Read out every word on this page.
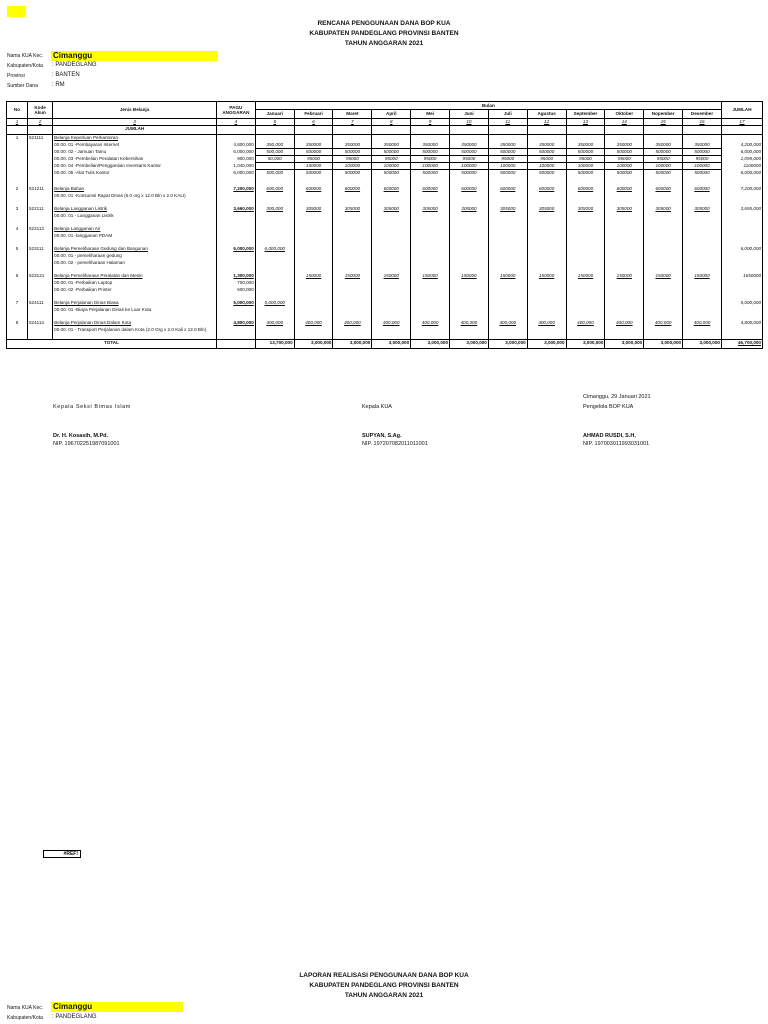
RENCANA PENGGUNAAN DANA BOP KUA
KABUPATEN PANDEGLANG PROVINSI BANTEN
TAHUN ANGGARAN 2021
Nama KUA Kec. Cimanggu
Kabupaten/Kota : PANDEGLANG
Provinsi	: BANTEN
Sumber Dana : RM
No	Kode Akun	Jenis Belanja	PAGU ANGGARAN	Bulan												JUMLAH
				Januari	Februari	Maret	April	Mei	Juni	Juli	Agustus	September	Oktober	Nopember	Desember	
1	2	3	4	5	6	7	8	9	10	11	12	13	14	15	16	17
		JUMLAH														
1	521111	Belanja Keperluan Perkantoran														
		00.00. 01 -Pembayaran Internet	4,800,000	350,000	350000	350000	350000	350000	350000	350000	350000	350000	350000	350000	350000	4,200,000
		00.00. 02 - Jamuan Tamu	6,000,000	500,000	500000	500000	500000	500000	500000	500000	500000	500000	500000	500000	500000	6,000,000
		00.00. 03 -Pembelian Peralatan Kebersihan	900,000	50,000	95000	95000	95000	95000	95000	95000	95000	95000	95000	95000	95000	1,095,000
		00.00. 04 -Pembelian/Penggantian Inventaris Kantor	1,040,000		100000	100000	100000	100000	100000	100000	100000	100000	100000	100000	100000	1100000
		00.00. 05 -Alat Tulis Kantor	6,000,000	500,000	500000	500000	500000	500000	500000	500000	500000	500000	500000	500000	500000	6,000,000

2	521211	Belanja Bahan	7,200,000	600,000	600000	600000	600000	600000	600000	600000	600000	600000	600000	600000	600000	7,200,000
		00.00. 01 -Konsumsi Rapat Dinas (6.0 org x 12.0 Bln x 2.0 KALI)														

3	522111	Belanja Langganan Listrik	3,660,000	300,000	305000	305000	305000	305000	305000	305000	305000	305000	305000	305000	305000	3,655,000
		00.00. 01 - Langganan Listrik														

4	522113	Belanja Langganan Air														
		00.00. 01 -langganan PDAM														

5	523111	Belanja Pemeliharaan Gedung dan Bangunan	6,000,000	6,000,000												6,000,000
		00.00. 01 - pemeliharaan gedung														
		00.00. 02 - pemeliharaan Halaman														

6	523121	Belanja Pemeliharaan Peralatan dan Mesin	1,300,000		150000	150000	150000	150000	150000	150000	150000	150000	150000	150000	150000	1650000
		00.00. 01 -Perbaikan Laptop	700,000													
		00.00. 02 -Perbaikan Printer	600,000													

7	524111	Belanja Perjalanan Dinas Biasa	5,000,000	5,000,000												5,000,000
		00.00. 01 -Biaya Perjalanan Dinas ke Luar Kota														

8	524113	Belanja Perjalanan Dinas Dalam Kota	4,800,000	400,000	400,000	400,000	400,000	400,000	400,000	400,000	400,000	400,000	400,000	400,000	400,000	4,800,000
		00.00. 01 - Transport Perjalanan dalam Kota (2.0 Org x 2.0 Kali x 12.0 Bln)														

TOTAL				13,700,000	3,000,000	3,000,000	3,000,000	3,000,000	3,000,000	3,000,000	3,000,000	3,000,000	3,000,000	3,000,000	3,000,000	46,700,000
Cimanggu, 29 Januari 2021
Kepala Seksi Bimas Islam	Kepala KUA	Pengelola BOP KUA
Dr. H. Kosasih, M.Pd.
NIP. 196702251987091001
SUPYAN, S.Ag.
NIP. 197207082011011001
AHMAD RUSDI, S.H.
NIP. 197003011993031001
#REF!
LAPORAN REALISASI PENGGUNAAN DANA BOP KUA
KABUPATEN PANDEGLANG PROVINSI BANTEN
TAHUN ANGGARAN 2021
Nama KUA Kec. Cimanggu
Kabupaten/Kota : PANDEGLANG
